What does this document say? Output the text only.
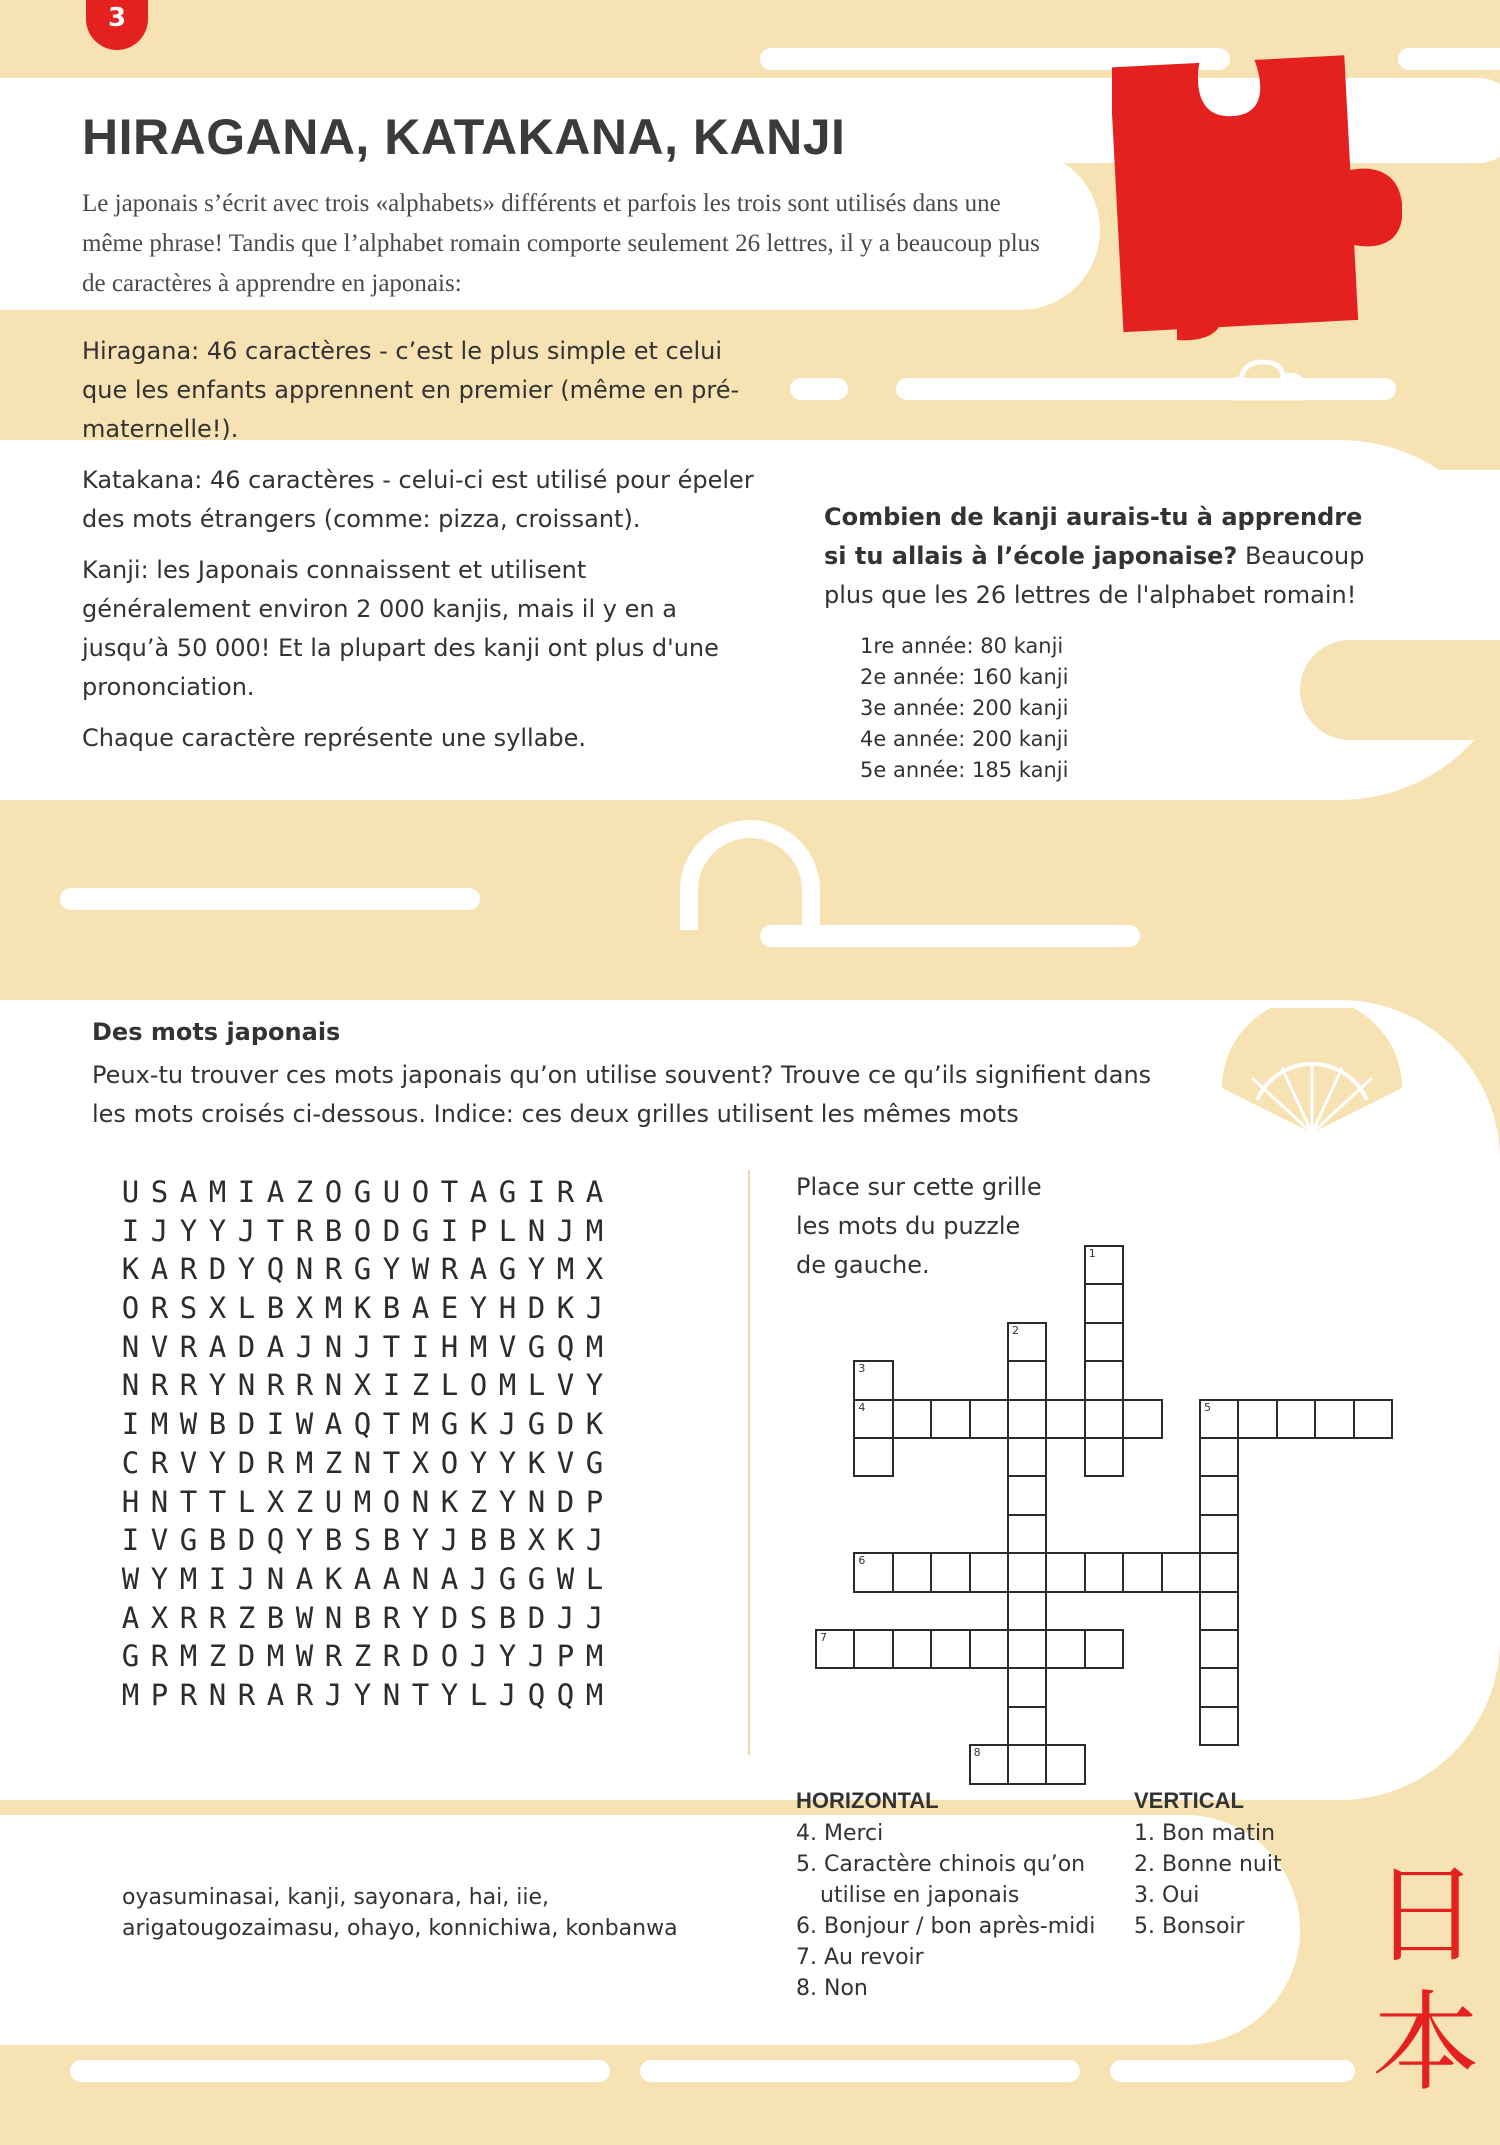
3
HIRAGANA, KATAKANA, KANJI

Le japonais s’écrit avec trois «alphabets» différents et parfois les trois sont utilisés dans une même phrase! Tandis que l’alphabet romain comporte seulement 26 lettres, il y a beaucoup plus de caractères à apprendre en japonais:

Hiragana: 46 caractères - c’est le plus simple et celui que les enfants apprennent en premier (même en pré-maternelle!).

Katakana: 46 caractères - celui-ci est utilisé pour épeler des mots étrangers (comme: pizza, croissant).

Kanji: les Japonais connaissent et utilisent généralement environ 2 000 kanjis, mais il y en a jusqu’à 50 000! Et la plupart des kanji ont plus d'une prononciation.

Chaque caractère représente une syllabe.

Combien de kanji aurais-tu à apprendre si tu allais à l’école japonaise? Beaucoup plus que les 26 lettres de l'alphabet romain!

1re année: 80 kanji
2e année: 160 kanji
3e année: 200 kanji
4e année: 200 kanji
5e année: 185 kanji
Des mots japonais

Peux-tu trouver ces mots japonais qu’on utilise souvent? Trouve ce qu’ils signifient dans les mots croisés ci-dessous. Indice: ces deux grilles utilisent les mêmes mots

U S A M I A Z O G U O T A G I R A
I J Y Y J T R B O D G I P L N J M
K A R D Y Q N R G Y W R A G Y M X
O R S X L B X M K B A E Y H D K J
N V R A D A J N J T I H M V G Q M
N R R Y N R R N X I Z L O M L V Y
I M W B D I W A Q T M G K J G D K
C R V Y D R M Z N T X O Y Y K V G
H N T T L X Z U M O N K Z Y N D P
I V G B D Q Y B S B Y J B B X K J
W Y M I J N A K A A N A J G G W L
A X R R Z B W N B R Y D S B D J J
G R M Z D M W R Z R D O J Y J P M
M P R N R A R J Y N T Y L J Q Q M

Place sur cette grille les mots du puzzle de gauche.	1
2
3
4	5
6
7
8

HORIZONTAL

4. Merci
5. Caractère chinois qu’on
utilise en japonais
6. Bonjour / bon après-midi
7. Au revoir
8. Non

VERTICAL

1. Bon matin
2. Bonne nuit
3. Oui
5. Bonsoir

oyasuminasai, kanji, sayonara, hai, iie, arigatougozaimasu, ohayo, konnichiwa, konbanwa	日
本
